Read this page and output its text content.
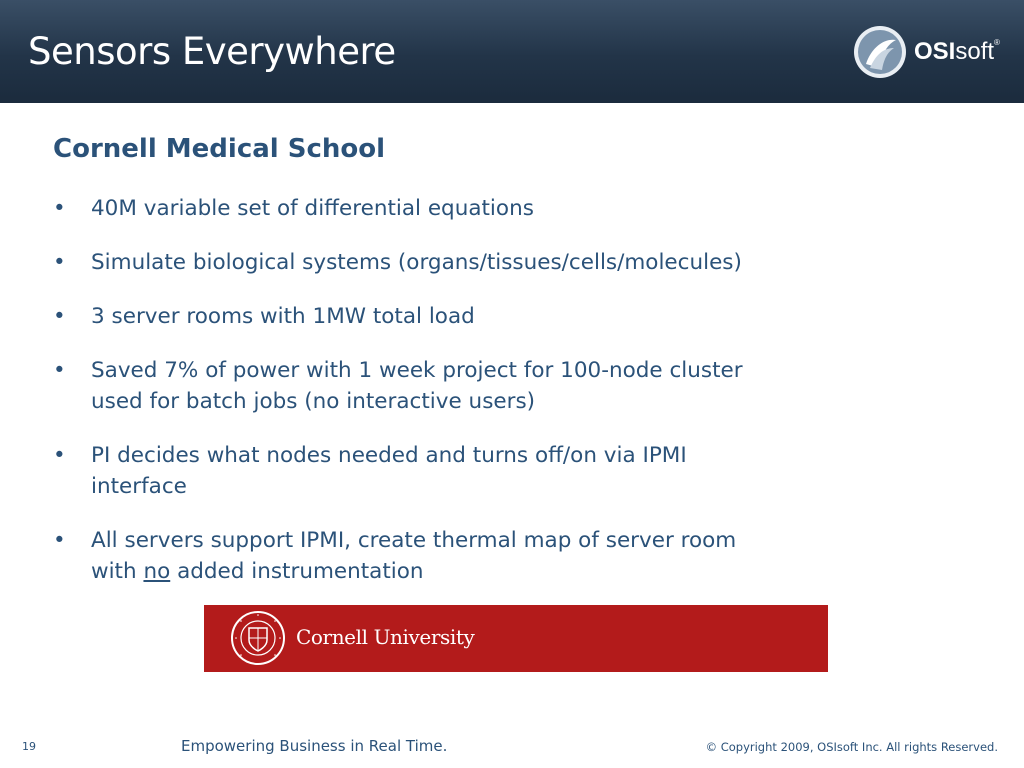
Sensors Everywhere	OSIsoft®
Cornell Medical School
• 40M variable set of differential equations
• Simulate biological systems (organs/tissues/cells/molecules)
• 3 server rooms with 1MW total load
• Saved 7% of power with 1 week project for 100-node cluster
used for batch jobs (no interactive users)
• PI decides what nodes needed and turns off/on via IPMI
interface
• All servers support IPMI, create thermal map of server room
with no added instrumentation
Cornell University
19	Empowering Business in Real Time.	© Copyright 2009, OSIsoft Inc. All rights Reserved.
